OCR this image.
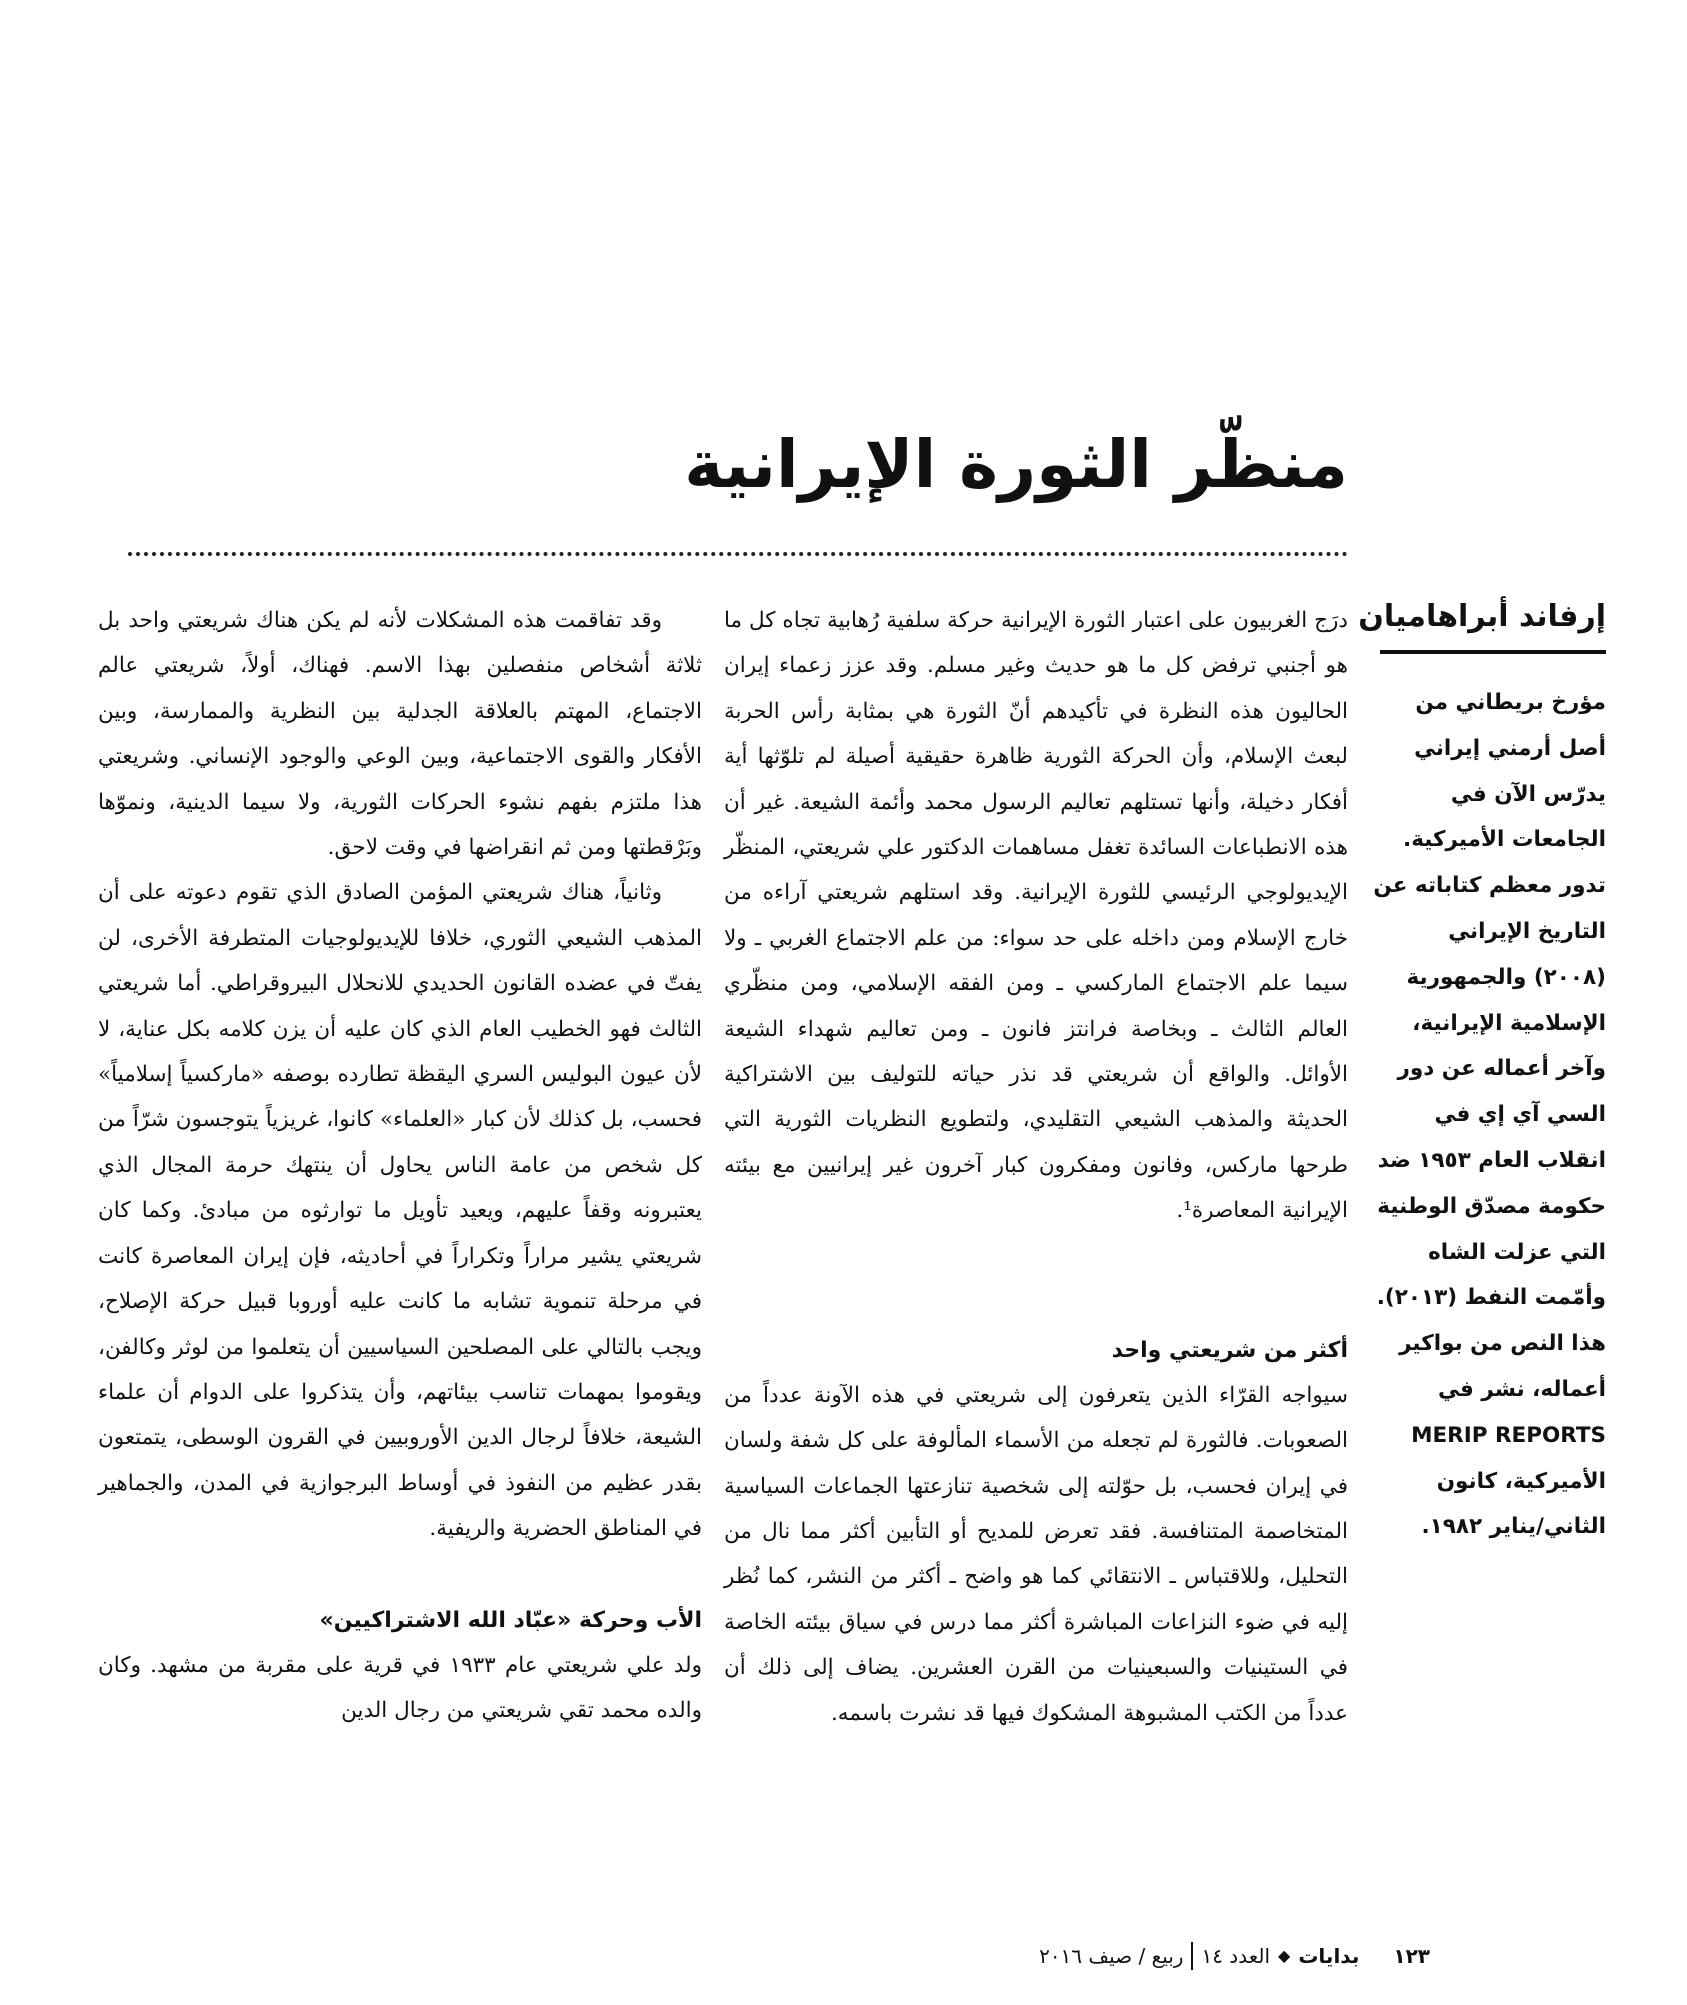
منظّر الثورة الإيرانية
إرفاند أبراهاميان

مؤرخ بريطاني من أصل أرمني إيراني يدرّس الآن في الجامعات الأميركية. تدور معظم كتاباته عن التاريخ الإيراني (٢٠٠٨) والجمهورية الإسلامية الإيرانية، وآخر أعماله عن دور السي آي إي في انقلاب العام ١٩٥٣ ضد حكومة مصدّق الوطنية التي عزلت الشاه وأمّمت النفط (٢٠١٣). هذا النص من بواكير أعماله، نشر في MERIP REPORTS الأميركية، كانون الثاني/يناير ١٩٨٢.

درَج الغربيون على اعتبار الثورة الإيرانية حركة سلفية رُهابية تجاه كل ما هو أجنبي ترفض كل ما هو حديث وغير مسلم. وقد عزز زعماء إيران الحاليون هذه النظرة في تأكيدهم أنّ الثورة هي بمثابة رأس الحربة لبعث الإسلام، وأن الحركة الثورية ظاهرة حقيقية أصيلة لم تلوّثها أية أفكار دخيلة، وأنها تستلهم تعاليم الرسول محمد وأئمة الشيعة. غير أن هذه الانطباعات السائدة تغفل مساهمات الدكتور علي شريعتي، المنظّر الإيديولوجي الرئيسي للثورة الإيرانية. وقد استلهم شريعتي آراءه من خارج الإسلام ومن داخله على حد سواء: من علم الاجتماع الغربي ـ ولا سيما علم الاجتماع الماركسي ـ ومن الفقه الإسلامي، ومن منظّري العالم الثالث ـ وبخاصة فرانتز فانون ـ ومن تعاليم شهداء الشيعة الأوائل. والواقع أن شريعتي قد نذر حياته للتوليف بين الاشتراكية الحديثة والمذهب الشيعي التقليدي، ولتطويع النظريات الثورية التي طرحها ماركس، وفانون ومفكرون كبار آخرون غير إيرانيين مع بيئته الإيرانية المعاصرة¹.

أكثر من شريعتي واحد

سيواجه القرّاء الذين يتعرفون إلى شريعتي في هذه الآونة عدداً من الصعوبات. فالثورة لم تجعله من الأسماء المألوفة على كل شفة ولسان في إيران فحسب، بل حوّلته إلى شخصية تنازعتها الجماعات السياسية المتخاصمة المتنافسة. فقد تعرض للمديح أو التأبين أكثر مما نال من التحليل، وللاقتباس ـ الانتقائي كما هو واضح ـ أكثر من النشر، كما نُظر إليه في ضوء النزاعات المباشرة أكثر مما درس في سياق بيئته الخاصة في الستينيات والسبعينيات من القرن العشرين. يضاف إلى ذلك أن عدداً من الكتب المشبوهة المشكوك فيها قد نشرت باسمه.

وقد تفاقمت هذه المشكلات لأنه لم يكن هناك شريعتي واحد بل ثلاثة أشخاص منفصلين بهذا الاسم. فهناك، أولاً، شريعتي عالم الاجتماع، المهتم بالعلاقة الجدلية بين النظرية والممارسة، وبين الأفكار والقوى الاجتماعية، وبين الوعي والوجود الإنساني. وشريعتي هذا ملتزم بفهم نشوء الحركات الثورية، ولا سيما الدينية، ونموّها وبَرْقطتها ومن ثم انقراضها في وقت لاحق.

وثانياً، هناك شريعتي المؤمن الصادق الذي تقوم دعوته على أن المذهب الشيعي الثوري، خلافا للإيديولوجيات المتطرفة الأخرى، لن يفتّ في عضده القانون الحديدي للانحلال البيروقراطي. أما شريعتي الثالث فهو الخطيب العام الذي كان عليه أن يزن كلامه بكل عناية، لا لأن عيون البوليس السري اليقظة تطارده بوصفه «ماركسياً إسلامياً» فحسب، بل كذلك لأن كبار «العلماء» كانوا، غريزياً يتوجسون شرّاً من كل شخص من عامة الناس يحاول أن ينتهك حرمة المجال الذي يعتبرونه وقفاً عليهم، ويعيد تأويل ما توارثوه من مبادئ. وكما كان شريعتي يشير مراراً وتكراراً في أحاديثه، فإن إيران المعاصرة كانت في مرحلة تنموية تشابه ما كانت عليه أوروبا قبيل حركة الإصلاح، ويجب بالتالي على المصلحين السياسيين أن يتعلموا من لوثر وكالفن، ويقوموا بمهمات تناسب بيئاتهم، وأن يتذكروا على الدوام أن علماء الشيعة، خلافاً لرجال الدين الأوروبيين في القرون الوسطى، يتمتعون بقدر عظيم من النفوذ في أوساط البرجوازية في المدن، والجماهير في المناطق الحضرية والريفية.

الأب وحركة «عبّاد الله الاشتراكيين»

ولد علي شريعتي عام ١٩٣٣ في قرية على مقربة من مشهد. وكان والده محمد تقي شريعتي من رجال الدين

١٢٣
بدايات
◆
العدد ١٤
ربيع / صيف ٢٠١٦
